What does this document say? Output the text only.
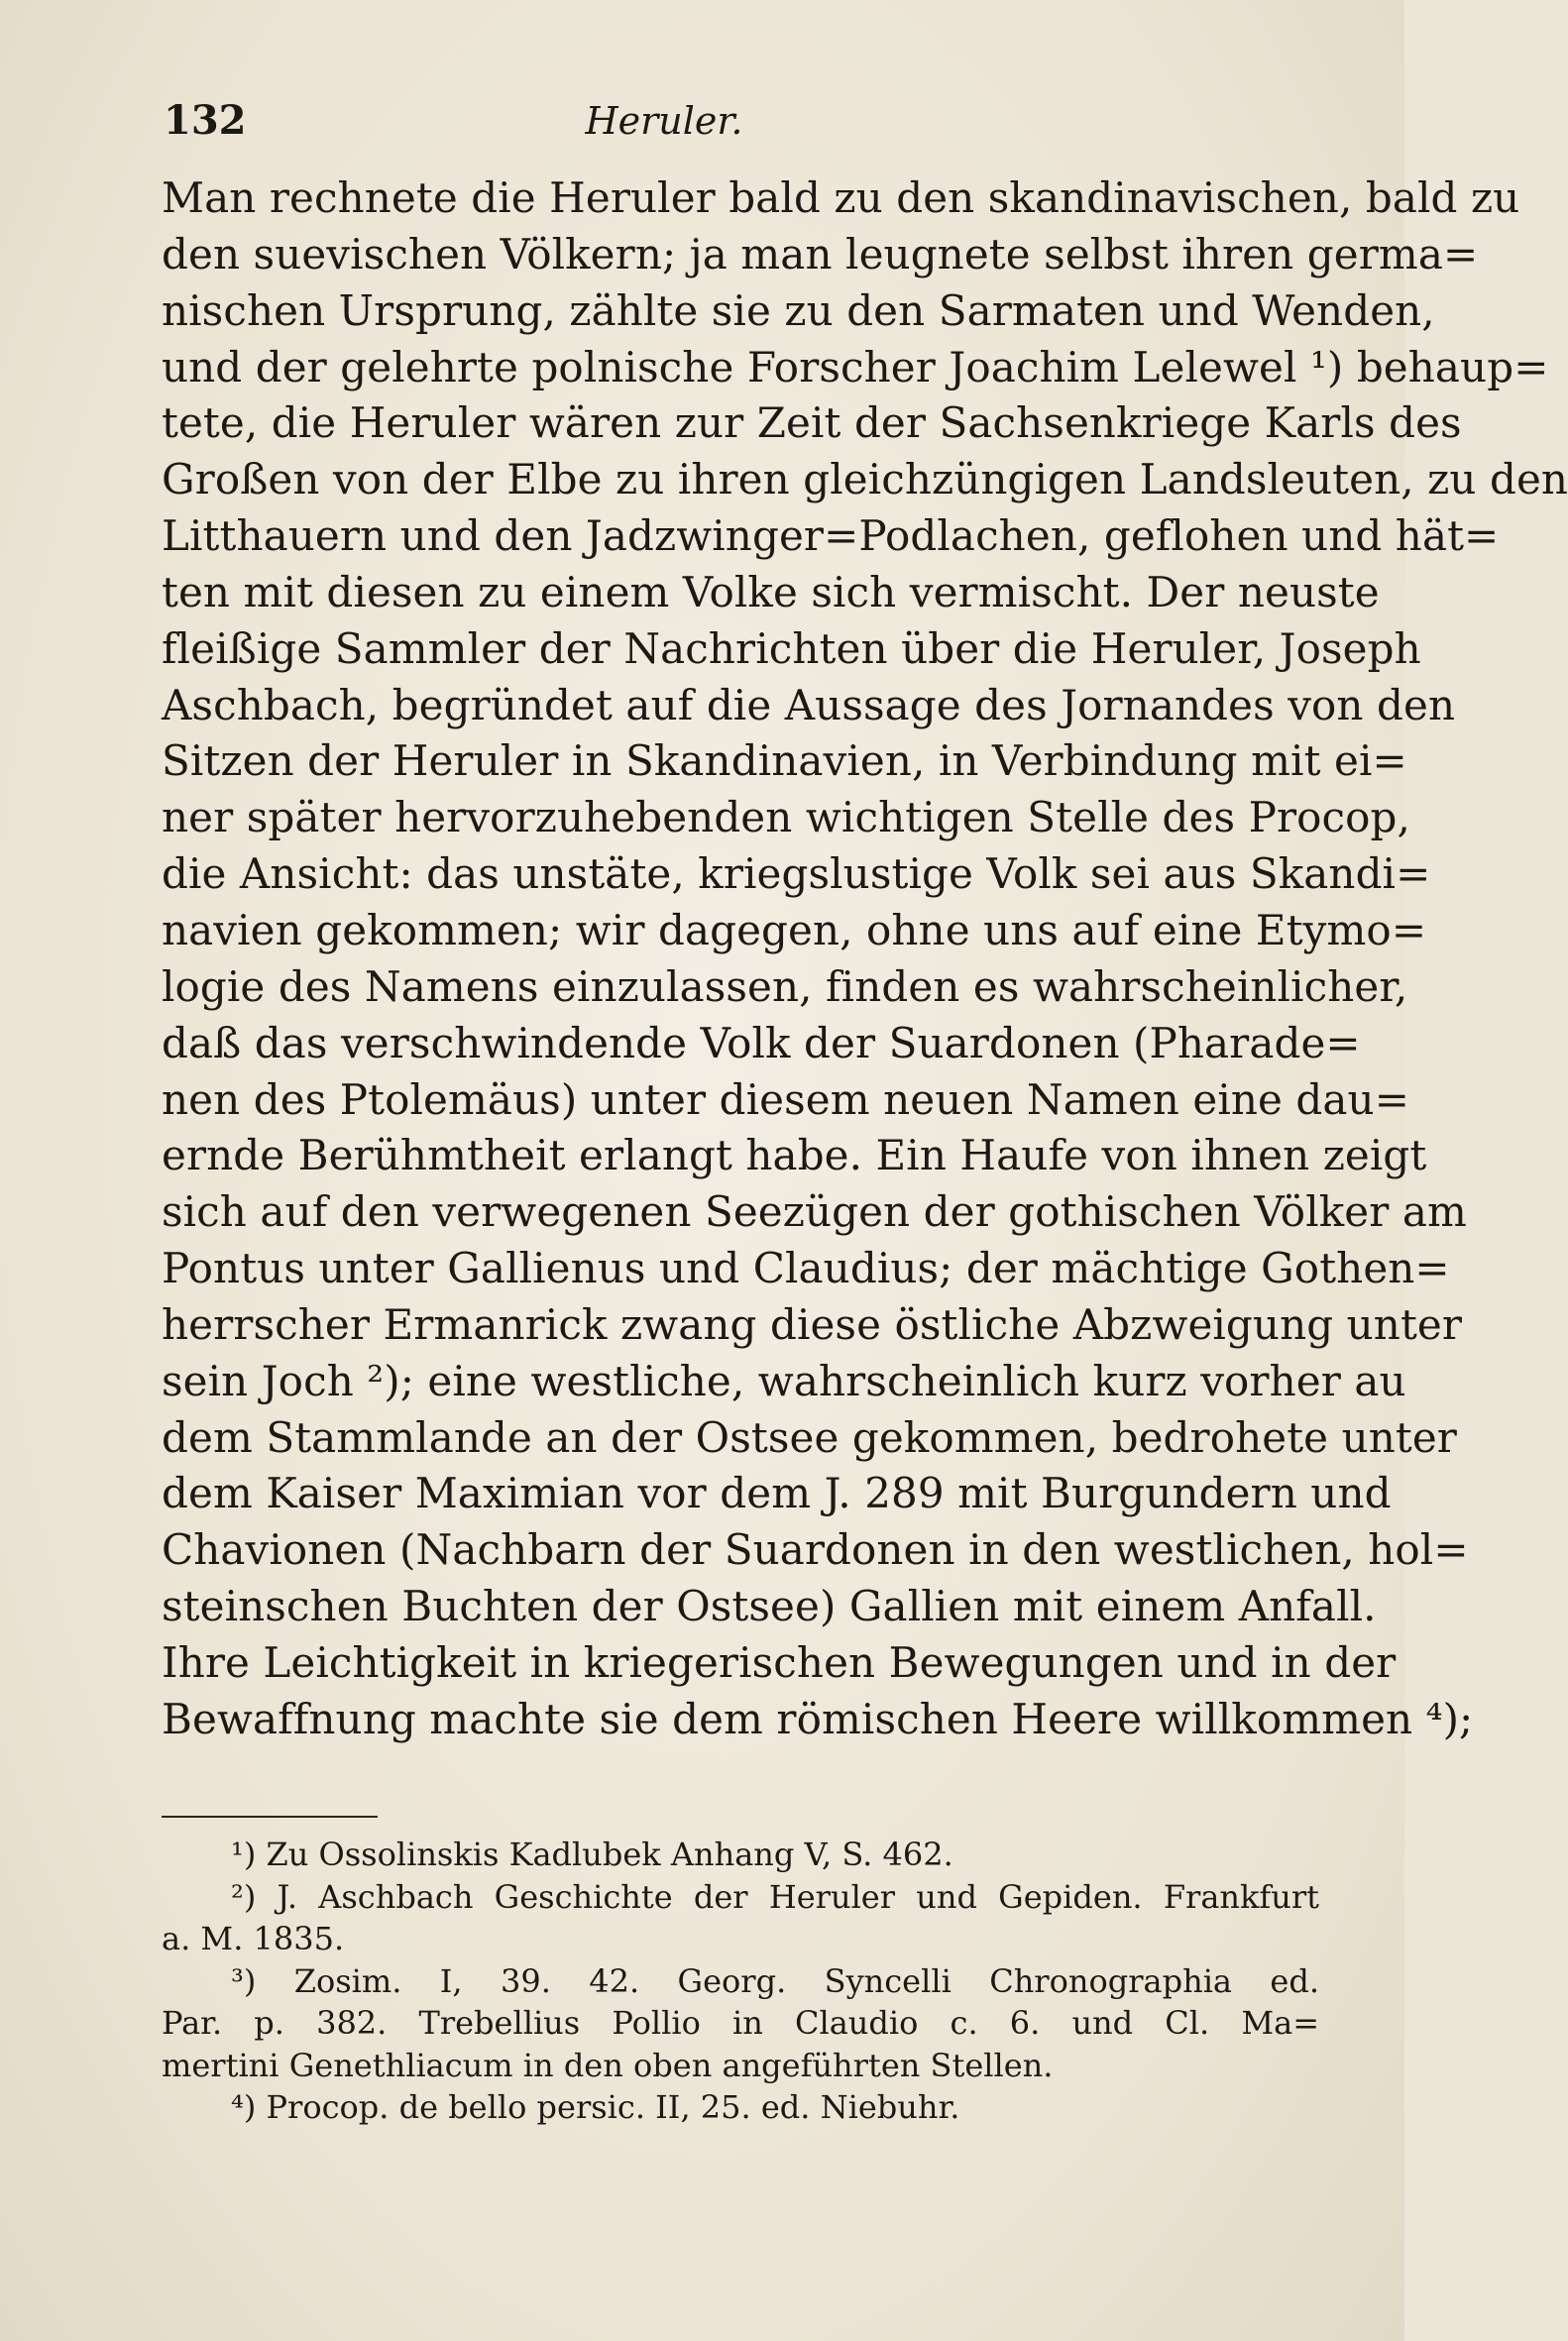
132	Heruler.
Man rechnete die Heruler bald zu den skandinavischen, bald zu
den suevischen Völkern; ja man leugnete selbst ihren germa=
nischen Ursprung, zählte sie zu den Sarmaten und Wenden,
und der gelehrte polnische Forscher Joachim Lelewel ¹) behaup=
tete, die Heruler wären zur Zeit der Sachsenkriege Karls des
Großen von der Elbe zu ihren gleichzüngigen Landsleuten, zu den
Litthauern und den Jadzwinger=Podlachen, geflohen und hät=
ten mit diesen zu einem Volke sich vermischt. Der neuste
fleißige Sammler der Nachrichten über die Heruler, Joseph
Aschbach, begründet auf die Aussage des Jornandes von den
Sitzen der Heruler in Skandinavien, in Verbindung mit ei=
ner später hervorzuhebenden wichtigen Stelle des Procop,
die Ansicht: das unstäte, kriegslustige Volk sei aus Skandi=
navien gekommen; wir dagegen, ohne uns auf eine Etymo=
logie des Namens einzulassen, finden es wahrscheinlicher,
daß das verschwindende Volk der Suardonen (Pharade=
nen des Ptolemäus) unter diesem neuen Namen eine dau=
ernde Berühmtheit erlangt habe. Ein Haufe von ihnen zeigt
sich auf den verwegenen Seezügen der gothischen Völker am
Pontus unter Gallienus und Claudius; der mächtige Gothen=
herrscher Ermanrick zwang diese östliche Abzweigung unter
sein Joch ²); eine westliche, wahrscheinlich kurz vorher au
dem Stammlande an der Ostsee gekommen, bedrohete unter
dem Kaiser Maximian vor dem J. 289 mit Burgundern und
Chavionen (Nachbarn der Suardonen in den westlichen, hol=
steinschen Buchten der Ostsee) Gallien mit einem Anfall.
Ihre Leichtigkeit in kriegerischen Bewegungen und in der
Bewaffnung machte sie dem römischen Heere willkommen ⁴);
¹) Zu Ossolinskis Kadlubek Anhang V, S. 462.
²) J. Aschbach Geschichte der Heruler und Gepiden. Frankfurt
a. M. 1835.
³) Zosim. I, 39. 42. Georg. Syncelli Chronographia ed.
Par. p. 382. Trebellius Pollio in Claudio c. 6. und Cl. Ma=
mertini Genethliacum in den oben angeführten Stellen.
⁴) Procop. de bello persic. II, 25. ed. Niebuhr.
